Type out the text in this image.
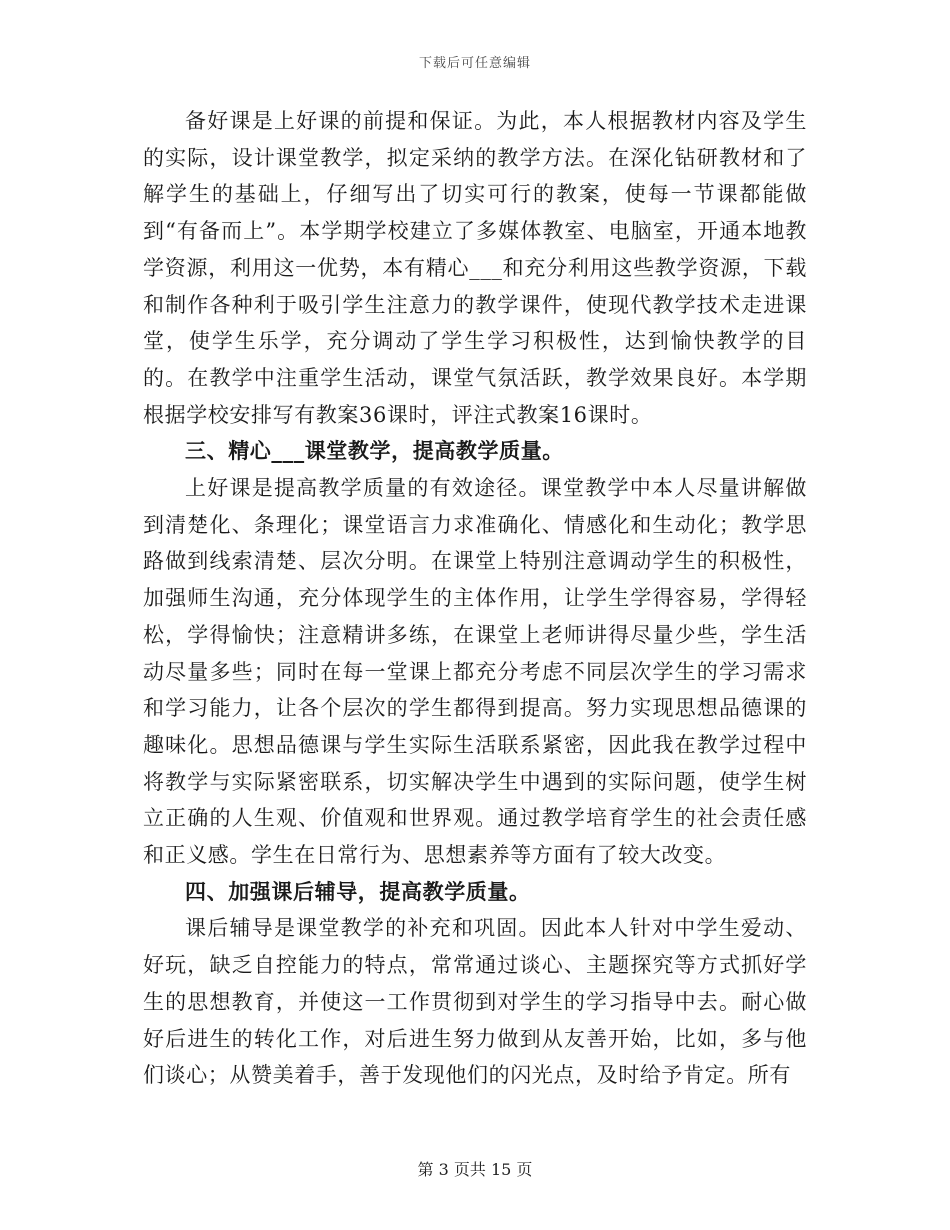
下载后可任意编辑

备好课是上好课的前提和保证。为此，本人根据教材内容及学生的实际，设计课堂教学，拟定采纳的教学方法。在深化钻研教材和了解学生的基础上，仔细写出了切实可行的教案，使每一节课都能做到“有备而上”。本学期学校建立了多媒体教室、电脑室，开通本地教学资源，利用这一优势，本有精心___和充分利用这些教学资源，下载和制作各种利于吸引学生注意力的教学课件，使现代教学技术走进课堂，使学生乐学，充分调动了学生学习积极性，达到愉快教学的目的。在教学中注重学生活动，课堂气氛活跃，教学效果良好。本学期根据学校安排写有教案36课时，评注式教案16课时。

三、精心___课堂教学，提高教学质量。

上好课是提高教学质量的有效途径。课堂教学中本人尽量讲解做到清楚化、条理化；课堂语言力求准确化、情感化和生动化；教学思路做到线索清楚、层次分明。在课堂上特别注意调动学生的积极性，加强师生沟通，充分体现学生的主体作用，让学生学得容易，学得轻松，学得愉快；注意精讲多练，在课堂上老师讲得尽量少些，学生活动尽量多些；同时在每一堂课上都充分考虑不同层次学生的学习需求和学习能力，让各个层次的学生都得到提高。努力实现思想品德课的趣味化。思想品德课与学生实际生活联系紧密，因此我在教学过程中将教学与实际紧密联系，切实解决学生中遇到的实际问题，使学生树立正确的人生观、价值观和世界观。通过教学培育学生的社会责任感和正义感。学生在日常行为、思想素养等方面有了较大改变。

四、加强课后辅导，提高教学质量。

课后辅导是课堂教学的补充和巩固。因此本人针对中学生爱动、好玩，缺乏自控能力的特点，常常通过谈心、主题探究等方式抓好学生的思想教育，并使这一工作贯彻到对学生的学习指导中去。耐心做好后进生的转化工作，对后进生努力做到从友善开始，比如，多与他们谈心；从赞美着手，善于发现他们的闪光点，及时给予肯定。所有

第 3 页共 15 页
